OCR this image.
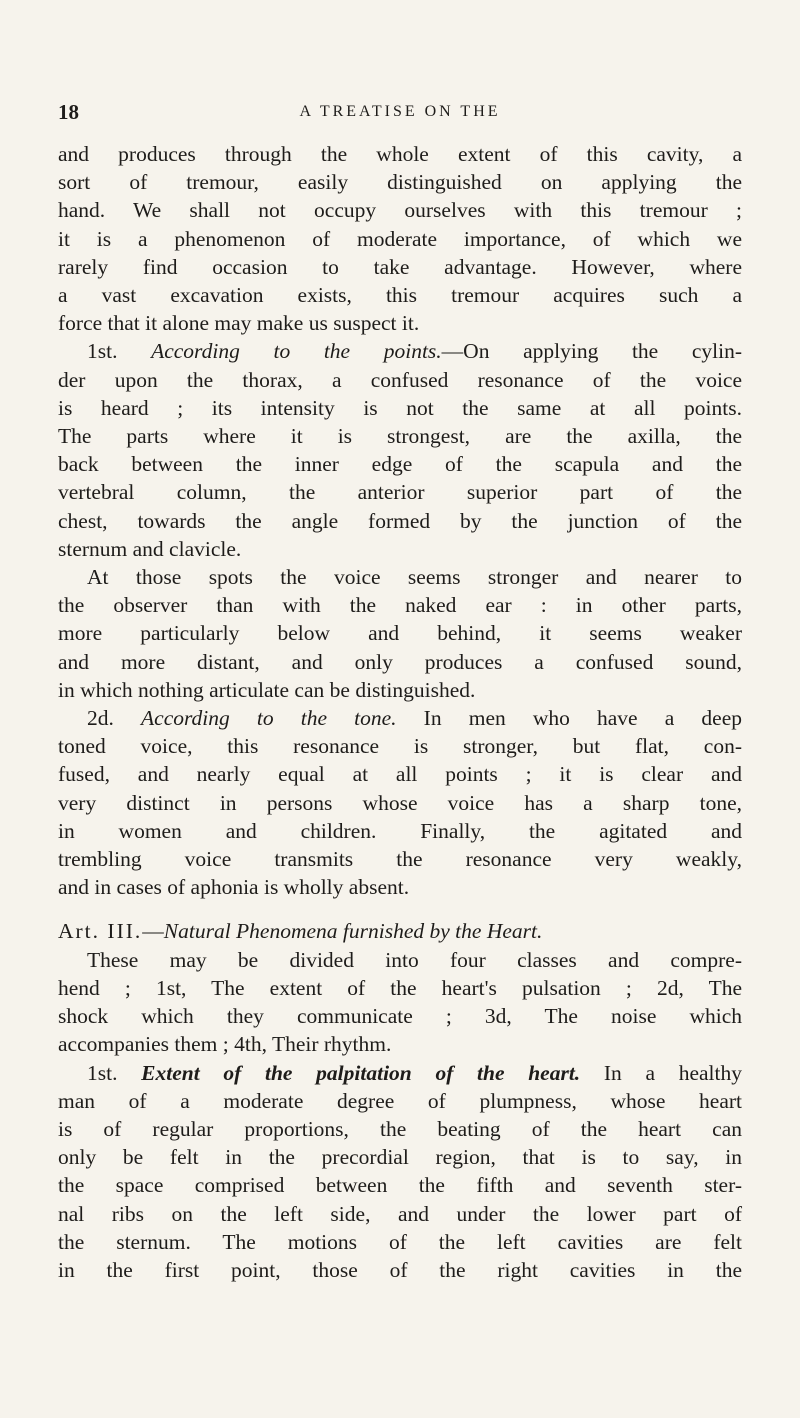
18	A TREATISE ON THE
and produces through the whole extent of this cavity, a
sort of tremour, easily distinguished on applying the
hand. We shall not occupy ourselves with this tremour ;
it is a phenomenon of moderate importance, of which we
rarely find occasion to take advantage. However, where
a vast excavation exists, this tremour acquires such a
force that it alone may make us suspect it.
1st. According to the points.—On applying the cylin-
der upon the thorax, a confused resonance of the voice
is heard ; its intensity is not the same at all points.
The parts where it is strongest, are the axilla, the
back between the inner edge of the scapula and the
vertebral column, the anterior superior part of the
chest, towards the angle formed by the junction of the
sternum and clavicle.
At those spots the voice seems stronger and nearer to
the observer than with the naked ear : in other parts,
more particularly below and behind, it seems weaker
and more distant, and only produces a confused sound,
in which nothing articulate can be distinguished.
2d. According to the tone. In men who have a deep
toned voice, this resonance is stronger, but flat, con-
fused, and nearly equal at all points ; it is clear and
very distinct in persons whose voice has a sharp tone,
in women and children. Finally, the agitated and
trembling voice transmits the resonance very weakly,
and in cases of aphonia is wholly absent.
Art. III.—Natural Phenomena furnished by the Heart.
These may be divided into four classes and compre-
hend ; 1st, The extent of the heart's pulsation ; 2d, The
shock which they communicate ; 3d, The noise which
accompanies them ; 4th, Their rhythm.
1st. Extent of the palpitation of the heart. In a healthy
man of a moderate degree of plumpness, whose heart
is of regular proportions, the beating of the heart can
only be felt in the precordial region, that is to say, in
the space comprised between the fifth and seventh ster-
nal ribs on the left side, and under the lower part of
the sternum. The motions of the left cavities are felt
in the first point, those of the right cavities in the
